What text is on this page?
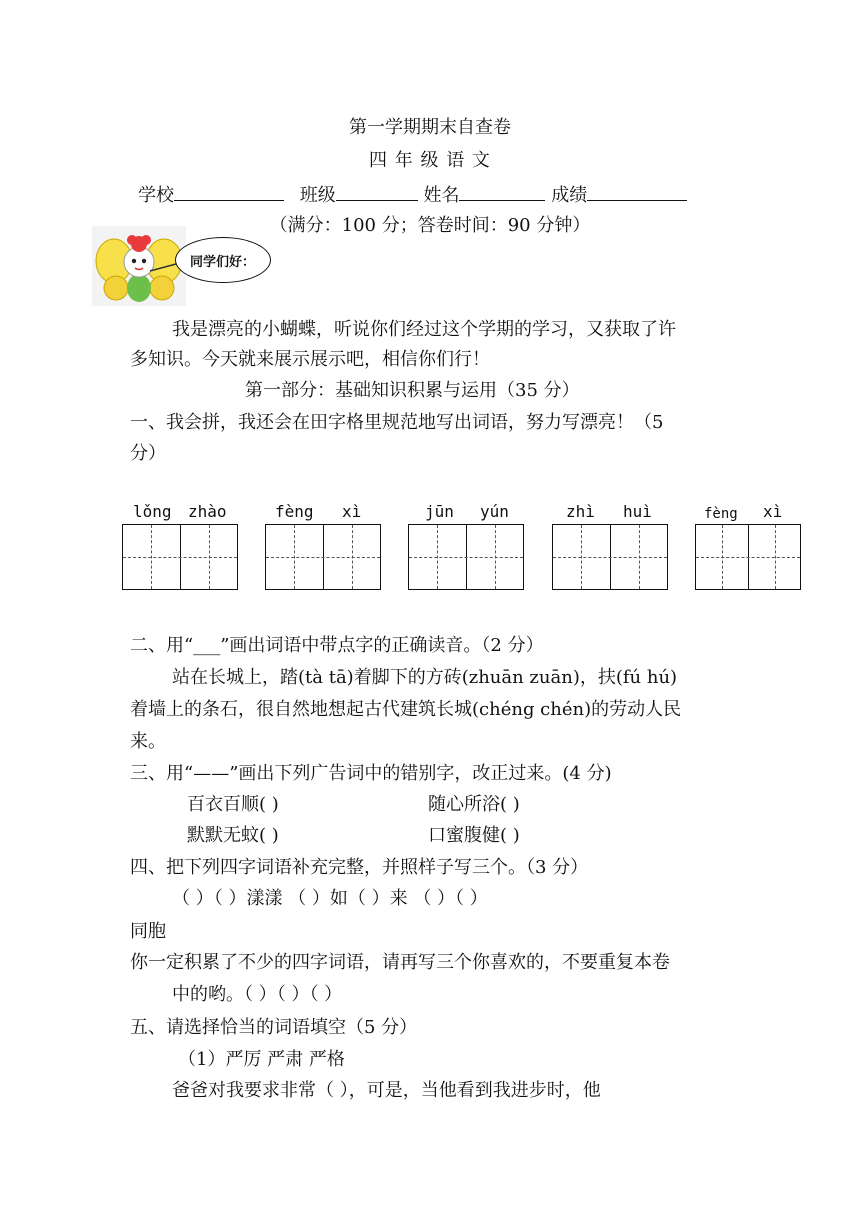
第一学期期末自查卷
四 年 级 语 文
学校	班级	姓名	成绩
（满分：100 分；答卷时间：90 分钟）
同学们好：
我是漂亮的小蝴蝶，听说你们经过这个学期的学习，又获取了许
多知识。今天就来展示展示吧，相信你们行！
第一部分：基础知识积累与运用（35 分）
一、我会拼，我还会在田字格里规范地写出词语，努力写漂亮！（5
分）
lǒng zhào	fèng xì	jūn yún	zhì huì	fèng xì
二、用“___”画出词语中带点字的正确读音。（2 分）
站在长城上，踏(tà tā)着脚下的方砖(zhuān zuān)，扶(fú hú)
着墙上的条石，很自然地想起古代建筑长城(chéng chén)的劳动人民
来。
三、用“——”画出下列广告词中的错别字，改正过来。(4 分)
百衣百顺( )	随心所浴( )
默默无蚊( )	口蜜腹健( )
四、把下列四字词语补充完整，并照样子写三个。（3 分）
（ ）（ ）漾漾 （ ）如（ ）来 （ ）（ ）
同胞
你一定积累了不少的四字词语，请再写三个你喜欢的，不要重复本卷
中的哟。（ ）（ ）（ ）
五、请选择恰当的词语填空（5 分）
（1）严厉 严肃 严格
爸爸对我要求非常（ ），可是，当他看到我进步时，他
